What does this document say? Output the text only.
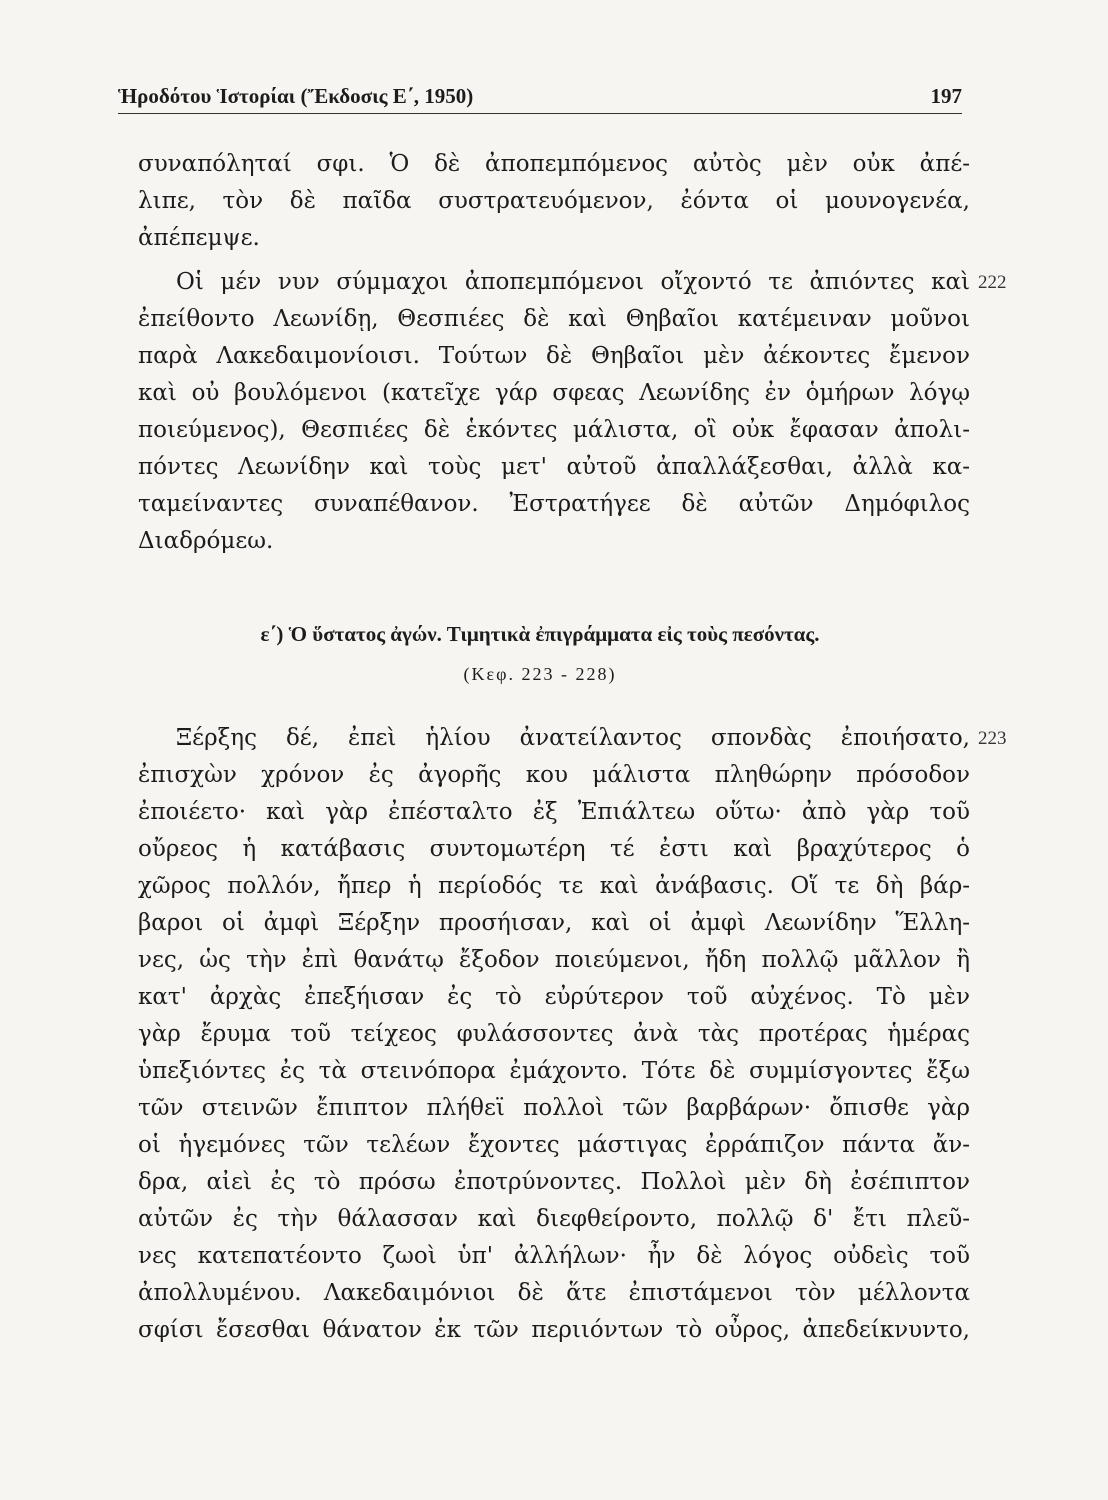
Ἡροδότου Ἱστορίαι (Ἔκδοσις Ε΄, 1950)	197
συναπόληταί σφι. Ὁ δὲ ἀποπεμπόμενος αὐτὸς μὲν οὐκ ἀπέ-
λιπε, τὸν δὲ παῖδα συστρατευόμενον, ἐόντα οἱ μουνογενέα,
ἀπέπεμψε.
222
Οἱ μέν νυν σύμμαχοι ἀποπεμπόμενοι οἴχοντό τε ἀπιόντες καὶ
ἐπείθοντο Λεωνίδῃ, Θεσπιέες δὲ καὶ Θηβαῖοι κατέμειναν μοῦνοι
παρὰ Λακεδαιμονίοισι. Τούτων δὲ Θηβαῖοι μὲν ἀέκοντες ἔμενον
καὶ οὐ βουλόμενοι (κατεῖχε γάρ σφεας Λεωνίδης ἐν ὁμήρων λόγῳ
ποιεύμενος), Θεσπιέες δὲ ἑκόντες μάλιστα, οἳ οὐκ ἔφασαν ἀπολι-
πόντες Λεωνίδην καὶ τοὺς μετ' αὐτοῦ ἀπαλλάξεσθαι, ἀλλὰ κα-
ταμείναντες συναπέθανον. Ἐστρατήγεε δὲ αὐτῶν Δημόφιλος
Διαδρόμεω.
ε΄) Ὁ ὕστατος ἀγών. Τιμητικὰ ἐπιγράμματα εἰς τοὺς πεσόντας.
(Κεφ. 223 - 228)
223
Ξέρξης δέ, ἐπεὶ ἡλίου ἀνατείλαντος σπονδὰς ἐποιήσατο,
ἐπισχὼν χρόνον ἐς ἀγορῆς κου μάλιστα πληθώρην πρόσοδον
ἐποιέετο· καὶ γὰρ ἐπέσταλτο ἐξ Ἐπιάλτεω οὕτω· ἀπὸ γὰρ τοῦ
οὔρεος ἡ κατάβασις συντομωτέρη τέ ἐστι καὶ βραχύτερος ὁ
χῶρος πολλόν, ἤπερ ἡ περίοδός τε καὶ ἀνάβασις. Οἵ τε δὴ βάρ-
βαροι οἱ ἀμφὶ Ξέρξην προσήισαν, καὶ οἱ ἀμφὶ Λεωνίδην Ἕλλη-
νες, ὡς τὴν ἐπὶ θανάτῳ ἔξοδον ποιεύμενοι, ἤδη πολλῷ μᾶλλον ἢ
κατ' ἀρχὰς ἐπεξήισαν ἐς τὸ εὐρύτερον τοῦ αὐχένος. Τὸ μὲν
γὰρ ἔρυμα τοῦ τείχεος φυλάσσοντες ἀνὰ τὰς προτέρας ἡμέρας
ὑπεξιόντες ἐς τὰ στεινόπορα ἐμάχοντο. Τότε δὲ συμμίσγοντες ἔξω
τῶν στεινῶν ἔπιπτον πλήθεϊ πολλοὶ τῶν βαρβάρων· ὄπισθε γὰρ
οἱ ἡγεμόνες τῶν τελέων ἔχοντες μάστιγας ἐρράπιζον πάντα ἄν-
δρα, αἰεὶ ἐς τὸ πρόσω ἐποτρύνοντες. Πολλοὶ μὲν δὴ ἐσέπιπτον
αὐτῶν ἐς τὴν θάλασσαν καὶ διεφθείροντο, πολλῷ δ' ἔτι πλεῦ-
νες κατεπατέοντο ζωοὶ ὑπ' ἀλλήλων· ἦν δὲ λόγος οὐδεὶς τοῦ
ἀπολλυμένου. Λακεδαιμόνιοι δὲ ἅτε ἐπιστάμενοι τὸν μέλλοντα
σφίσι ἔσεσθαι θάνατον ἐκ τῶν περιιόντων τὸ οὖρος, ἀπεδείκνυντο,
